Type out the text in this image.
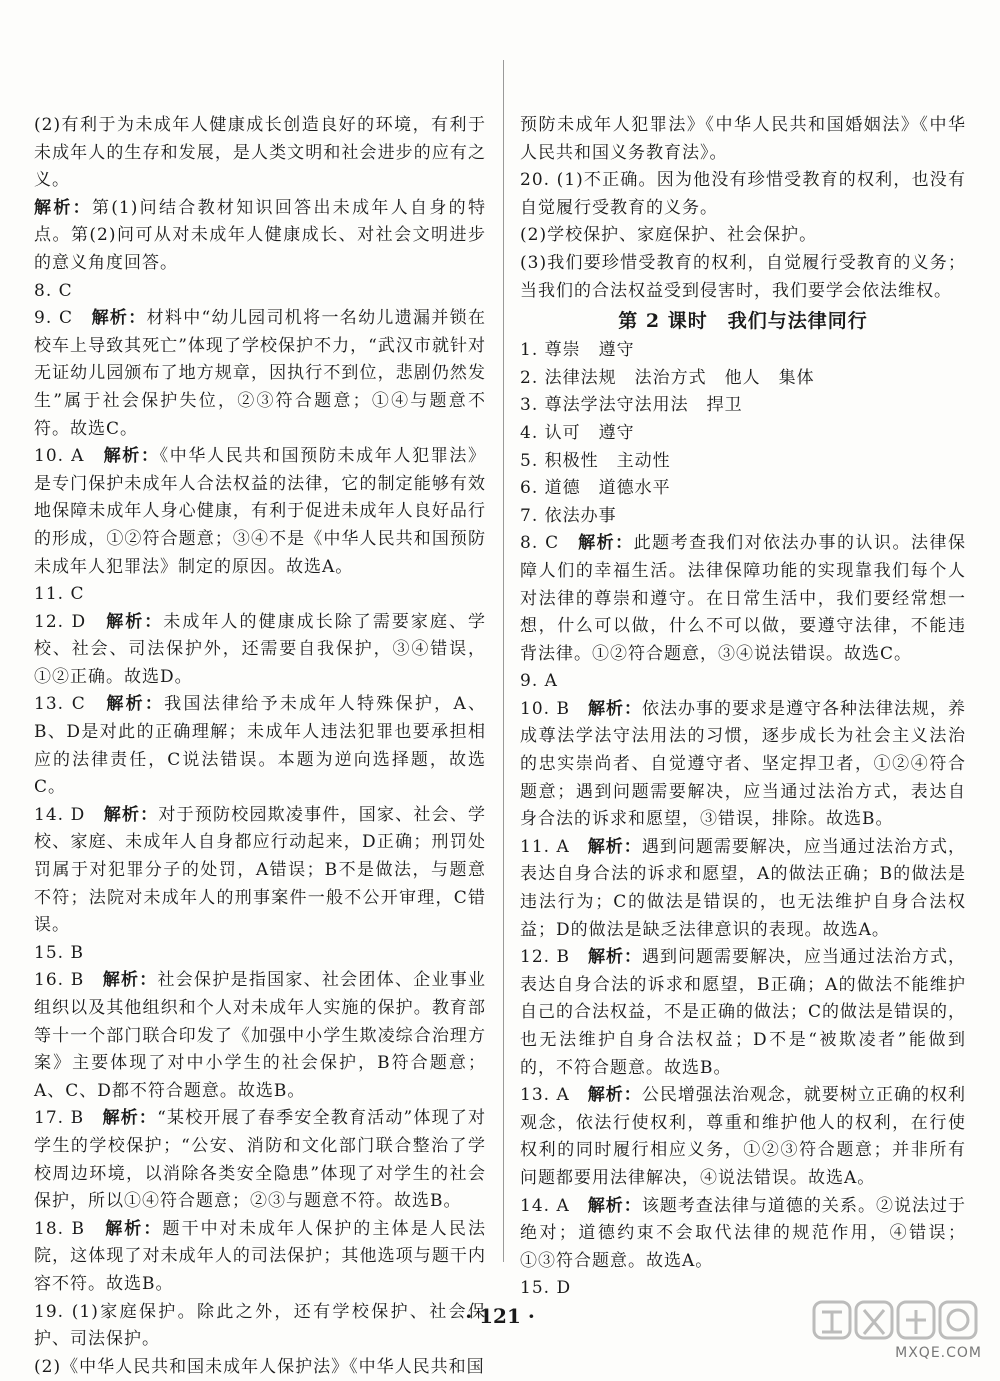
(2)有利于为未成年人健康成长创造良好的环境，有利于未成年人的生存和发展，是人类文明和社会进步的应有之义。

解析：第(1)问结合教材知识回答出未成年人自身的特点。第(2)问可从对未成年人健康成长、对社会文明进步的意义角度回答。

8. C

9. C　 解析：材料中“幼儿园司机将一名幼儿遗漏并锁在校车上导致其死亡”体现了学校保护不力，“武汉市就针对无证幼儿园颁布了地方规章，因执行不到位，悲剧仍然发生”属于社会保护失位，②③符合题意；①④与题意不符。故选C。

10. A　 解析：《中华人民共和国预防未成年人犯罪法》是专门保护未成年人合法权益的法律，它的制定能够有效地保障未成年人身心健康，有利于促进未成年人良好品行的形成，①②符合题意；③④不是《中华人民共和国预防未成年人犯罪法》制定的原因。故选A。

11. C

12. D　 解析：未成年人的健康成长除了需要家庭、学校、社会、司法保护外，还需要自我保护，③④错误，①②正确。故选D。

13. C　 解析：我国法律给予未成年人特殊保护，A、B、D是对此的正确理解；未成年人违法犯罪也要承担相应的法律责任，C说法错误。本题为逆向选择题，故选C。

14. D　 解析：对于预防校园欺凌事件，国家、社会、学校、家庭、未成年人自身都应行动起来，D正确；刑罚处罚属于对犯罪分子的处罚，A错误；B不是做法，与题意不符；法院对未成年人的刑事案件一般不公开审理，C错误。

15. B

16. B　 解析：社会保护是指国家、社会团体、企业事业组织以及其他组织和个人对未成年人实施的保护。教育部等十一个部门联合印发了《加强中小学生欺凌综合治理方案》主要体现了对中小学生的社会保护，B符合题意；A、C、D都不符合题意。故选B。

17. B　 解析：“某校开展了春季安全教育活动”体现了对学生的学校保护；“公安、消防和文化部门联合整治了学校周边环境，以消除各类安全隐患”体现了对学生的社会保护，所以①④符合题意；②③与题意不符。故选B。

18. B　 解析：题干中对未成年人保护的主体是人民法院，这体现了对未成年人的司法保护；其他选项与题干内容不符。故选B。

19. (1)家庭保护。除此之外，还有学校保护、社会保护、司法保护。

(2)《中华人民共和国未成年人保护法》《中华人民共和国

预防未成年人犯罪法》《中华人民共和国婚姻法》《中华人民共和国义务教育法》。

20. (1)不正确。因为他没有珍惜受教育的权利，也没有自觉履行受教育的义务。

(2)学校保护、家庭保护、社会保护。

(3)我们要珍惜受教育的权利，自觉履行受教育的义务；当我们的合法权益受到侵害时，我们要学会依法维权。

第 2 课时　我们与法律同行

1. 尊崇　遵守

2. 法律法规　法治方式　他人　集体

3. 尊法学法守法用法　捍卫

4. 认可　遵守

5. 积极性　主动性

6. 道德　道德水平

7. 依法办事

8. C　 解析：此题考查我们对依法办事的认识。法律保障人们的幸福生活。法律保障功能的实现靠我们每个人对法律的尊崇和遵守。在日常生活中，我们要经常想一想，什么可以做，什么不可以做，要遵守法律，不能违背法律。①②符合题意，③④说法错误。故选C。

9. A

10. B　 解析：依法办事的要求是遵守各种法律法规，养成尊法学法守法用法的习惯，逐步成长为社会主义法治的忠实崇尚者、自觉遵守者、坚定捍卫者，①②④符合题意；遇到问题需要解决，应当通过法治方式，表达自身合法的诉求和愿望，③错误，排除。故选B。

11. A　 解析：遇到问题需要解决，应当通过法治方式，表达自身合法的诉求和愿望，A的做法正确；B的做法是违法行为；C的做法是错误的，也无法维护自身合法权益；D的做法是缺乏法律意识的表现。故选A。

12. B　 解析：遇到问题需要解决，应当通过法治方式，表达自身合法的诉求和愿望，B正确；A的做法不能维护自己的合法权益，不是正确的做法；C的做法是错误的，也无法维护自身合法权益；D不是“被欺凌者”能做到的，不符合题意。故选B。

13. A　 解析：公民增强法治观念，就要树立正确的权利观念，依法行使权利，尊重和维护他人的权利，在行使权利的同时履行相应义务，①②③符合题意；并非所有问题都要用法律解决，④说法错误。故选A。

14. A　 解析：该题考查法律与道德的关系。②说法过于绝对；道德约束不会取代法律的规范作用，④错误；①③符合题意。故选A。

15. D

· 121 ·
MXQE.COM
